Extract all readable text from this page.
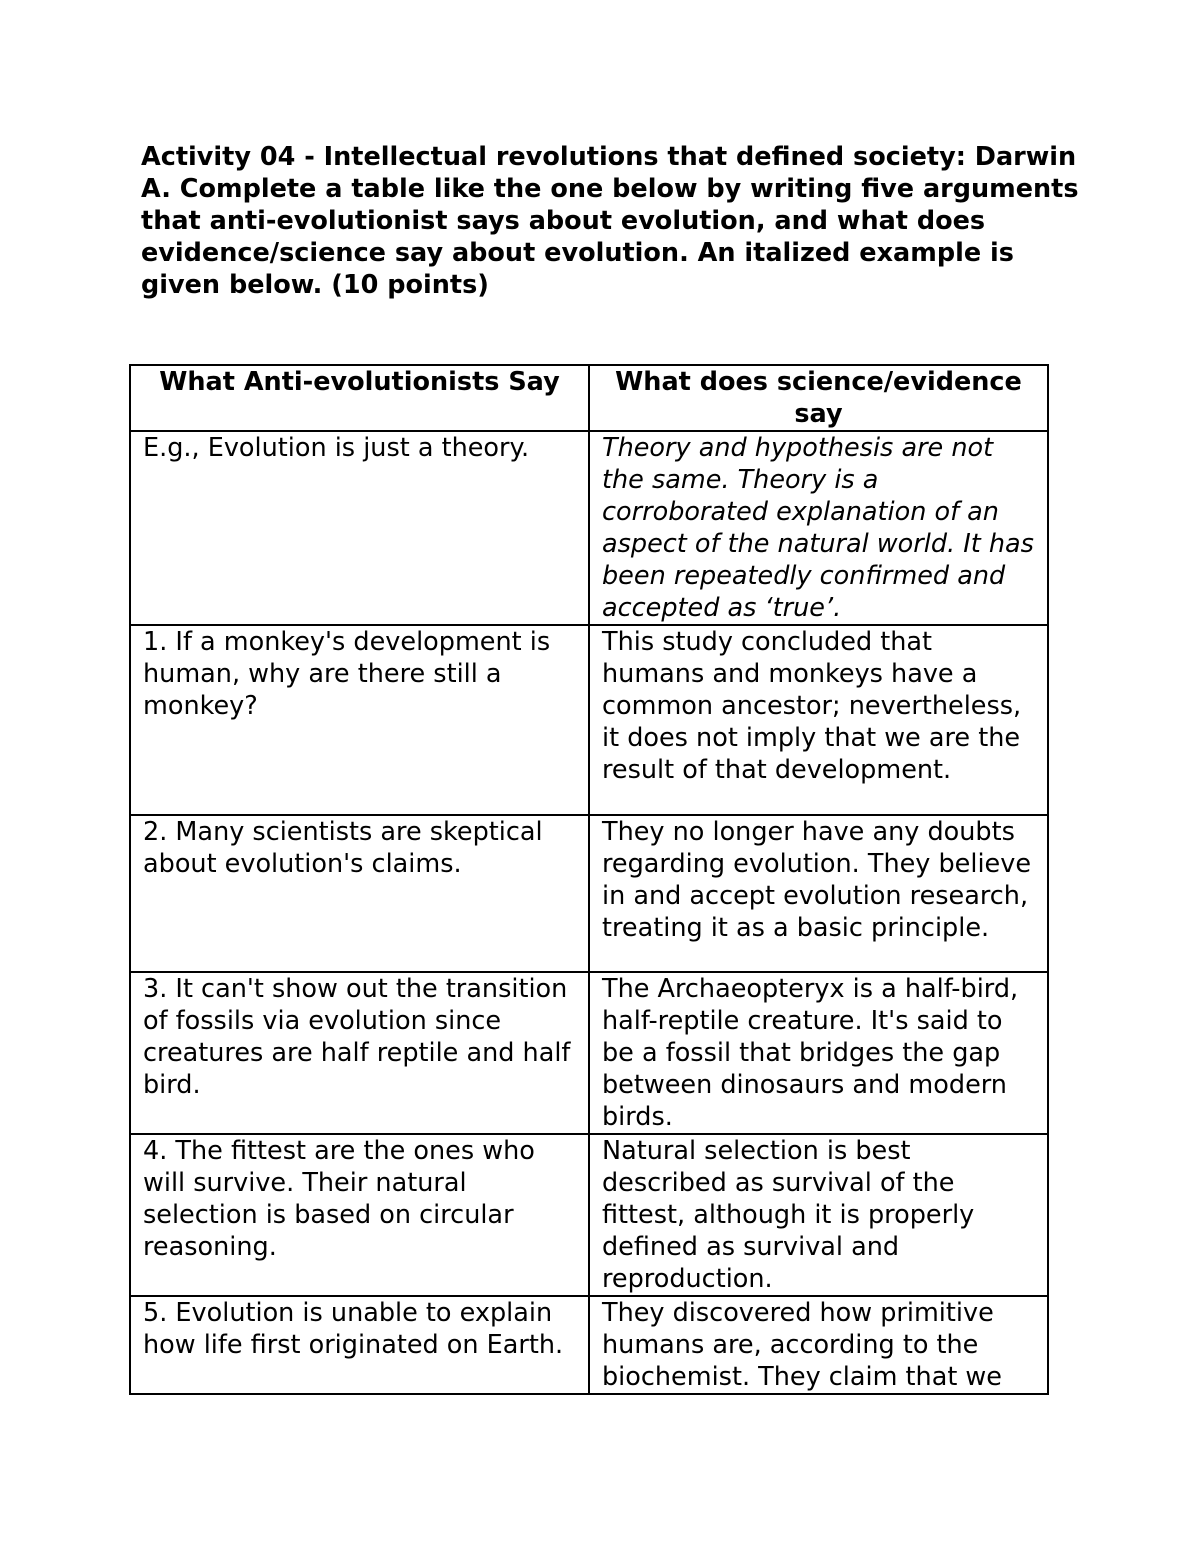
Activity 04 - Intellectual revolutions that defined society: Darwin

A. Complete a table like the one below by writing five arguments that anti-evolutionist says about evolution, and what does evidence/science say about evolution. An italized example is given below. (10 points)

What Anti-evolutionists Say	What does science/evidence say
E.g., Evolution is just a theory.	Theory and hypothesis are not the same. Theory is a corroborated explanation of an aspect of the natural world. It has been repeatedly confirmed and accepted as ‘true’.
1. If a monkey's development is human, why are there still a monkey?	This study concluded that humans and monkeys have a common ancestor; nevertheless, it does not imply that we are the result of that development.
2. Many scientists are skeptical about evolution's claims.	They no longer have any doubts regarding evolution. They believe in and accept evolution research, treating it as a basic principle.
3. It can't show out the transition of fossils via evolution since creatures are half reptile and half bird.	The Archaeopteryx is a half-bird, half-reptile creature. It's said to be a fossil that bridges the gap between dinosaurs and modern birds.
4. The fittest are the ones who will survive. Their natural selection is based on circular reasoning.	Natural selection is best described as survival of the fittest, although it is properly defined as survival and reproduction.
5. Evolution is unable to explain how life first originated on Earth.	They discovered how primitive humans are, according to the biochemist. They claim that we
